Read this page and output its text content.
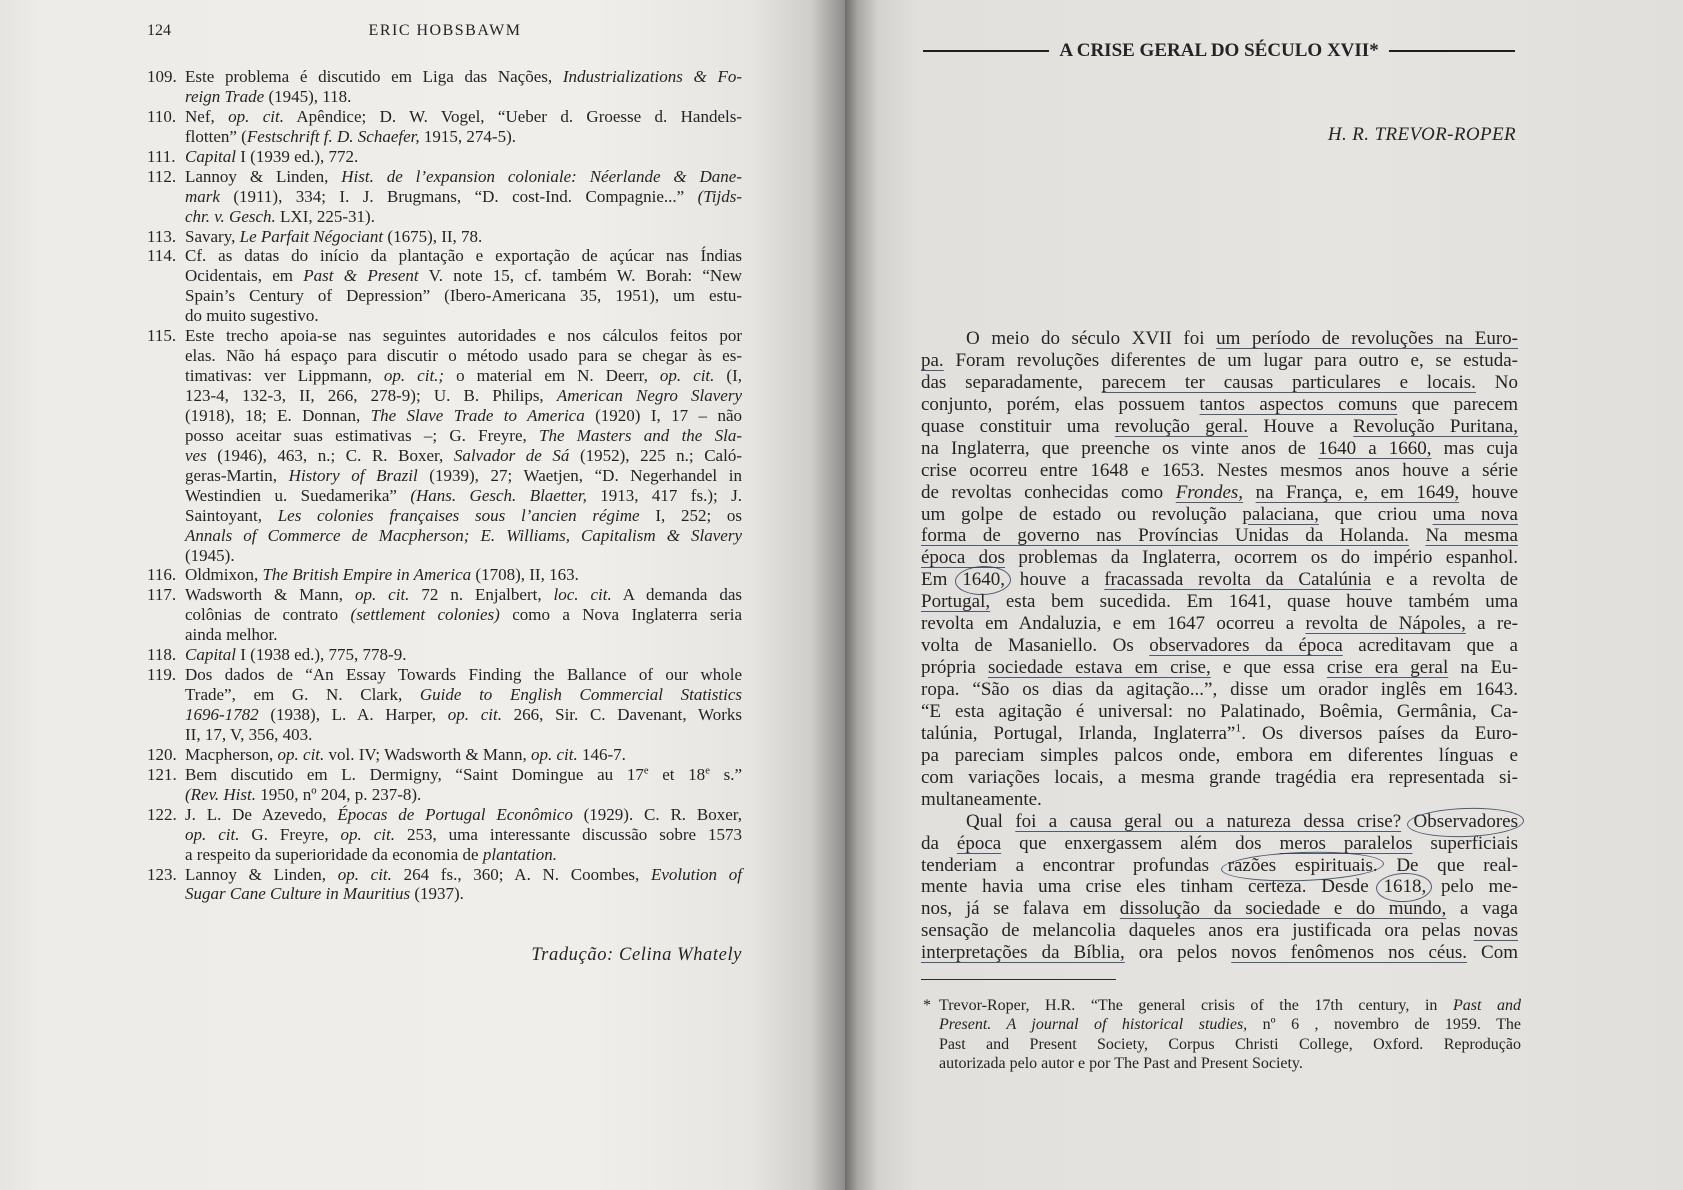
124	ERIC HOBSBAWM
109. Este problema é discutido em Liga das Nações, Industrializations & Fo-
reign Trade (1945), 118.
110. Nef, op. cit. Apêndice; D. W. Vogel, “Ueber d. Groesse d. Handels-
flotten” (Festschrift f. D. Schaefer, 1915, 274-5).
111. Capital I (1939 ed.), 772.
112. Lannoy & Linden, Hist. de l’expansion coloniale: Néerlande & Dane-
mark (1911), 334; I. J. Brugmans, “D. cost-Ind. Compagnie...” (Tijds-
chr. v. Gesch. LXI, 225-31).
113. Savary, Le Parfait Négociant (1675), II, 78.
114. Cf. as datas do início da plantação e exportação de açúcar nas Índias
Ocidentais, em Past & Present V. note 15, cf. também W. Borah: “New
Spain’s Century of Depression” (Ibero-Americana 35, 1951), um estu-
do muito sugestivo.
115. Este trecho apoia-se nas seguintes autoridades e nos cálculos feitos por
elas. Não há espaço para discutir o método usado para se chegar às es-
timativas: ver Lippmann, op. cit.; o material em N. Deerr, op. cit. (I,
123-4, 132-3, II, 266, 278-9); U. B. Philips, American Negro Slavery
(1918), 18; E. Donnan, The Slave Trade to America (1920) I, 17 – não
posso aceitar suas estimativas –; G. Freyre, The Masters and the Sla-
ves (1946), 463, n.; C. R. Boxer, Salvador de Sá (1952), 225 n.; Caló-
geras-Martin, History of Brazil (1939), 27; Waetjen, “D. Negerhandel in
Westindien u. Suedamerika” (Hans. Gesch. Blaetter, 1913, 417 fs.); J.
Saintoyant, Les colonies françaises sous l’ancien régime I, 252; os
Annals of Commerce de Macpherson; E. Williams, Capitalism & Slavery
(1945).
116. Oldmixon, The British Empire in America (1708), II, 163.
117. Wadsworth & Mann, op. cit. 72 n. Enjalbert, loc. cit. A demanda das
colônias de contrato (settlement colonies) como a Nova Inglaterra seria
ainda melhor.
118. Capital I (1938 ed.), 775, 778-9.
119. Dos dados de “An Essay Towards Finding the Ballance of our whole
Trade”, em G. N. Clark, Guide to English Commercial Statistics
1696-1782 (1938), L. A. Harper, op. cit. 266, Sir. C. Davenant, Works
II, 17, V, 356, 403.
120. Macpherson, op. cit. vol. IV; Wadsworth & Mann, op. cit. 146-7.
121. Bem discutido em L. Dermigny, “Saint Domingue au 17e et 18e s.”
(Rev. Hist. 1950, nº 204, p. 237-8).
122. J. L. De Azevedo, Épocas de Portugal Econômico (1929). C. R. Boxer,
op. cit. G. Freyre, op. cit. 253, uma interessante discussão sobre 1573
a respeito da superioridade da economia de plantation.
123. Lannoy & Linden, op. cit. 264 fs., 360; A. N. Coombes, Evolution of
Sugar Cane Culture in Mauritius (1937).
Tradução: Celina Whately
A CRISE GERAL DO SÉCULO XVII*
H. R. TREVOR-ROPER
O meio do século XVII foi um período de revoluções na Euro-
pa. Foram revoluções diferentes de um lugar para outro e, se estuda-
das separadamente, parecem ter causas particulares e locais. No
conjunto, porém, elas possuem tantos aspectos comuns que parecem
quase constituir uma revolução geral. Houve a Revolução Puritana,
na Inglaterra, que preenche os vinte anos de 1640 a 1660, mas cuja
crise ocorreu entre 1648 e 1653. Nestes mesmos anos houve a série
de revoltas conhecidas como Frondes, na França, e, em 1649, houve
um golpe de estado ou revolução palaciana, que criou uma nova
forma de governo nas Províncias Unidas da Holanda. Na mesma
época dos problemas da Inglaterra, ocorrem os do império espanhol.
Em 1640, houve a fracassada revolta da Catalúnia e a revolta de
Portugal, esta bem sucedida. Em 1641, quase houve também uma
revolta em Andaluzia, e em 1647 ocorreu a revolta de Nápoles, a re-
volta de Masaniello. Os observadores da época acreditavam que a
própria sociedade estava em crise, e que essa crise era geral na Eu-
ropa. “São os dias da agitação...”, disse um orador inglês em 1643.
“E esta agitação é universal: no Palatinado, Boêmia, Germânia, Ca-
talúnia, Portugal, Irlanda, Inglaterra”$^1$. Os diversos países da Euro-
pa pareciam simples palcos onde, embora em diferentes línguas e
com variações locais, a mesma grande tragédia era representada si-
multaneamente.
Qual foi a causa geral ou a natureza dessa crise? Observadores
da época que enxergassem além dos meros paralelos superficiais
tenderiam a encontrar profundas razões espirituais. De que real-
mente havia uma crise eles tinham certeza. Desde 1618, pelo me-
nos, já se falava em dissolução da sociedade e do mundo, a vaga
sensação de melancolia daqueles anos era justificada ora pelas novas
interpretações da Bíblia, ora pelos novos fenômenos nos céus. Com
* Trevor-Roper, H.R. “The general crisis of the 17th century, in Past and
Present. A journal of historical studies, nº 6 , novembro de 1959. The
Past and Present Society, Corpus Christi College, Oxford. Reprodução
autorizada pelo autor e por The Past and Present Society.
